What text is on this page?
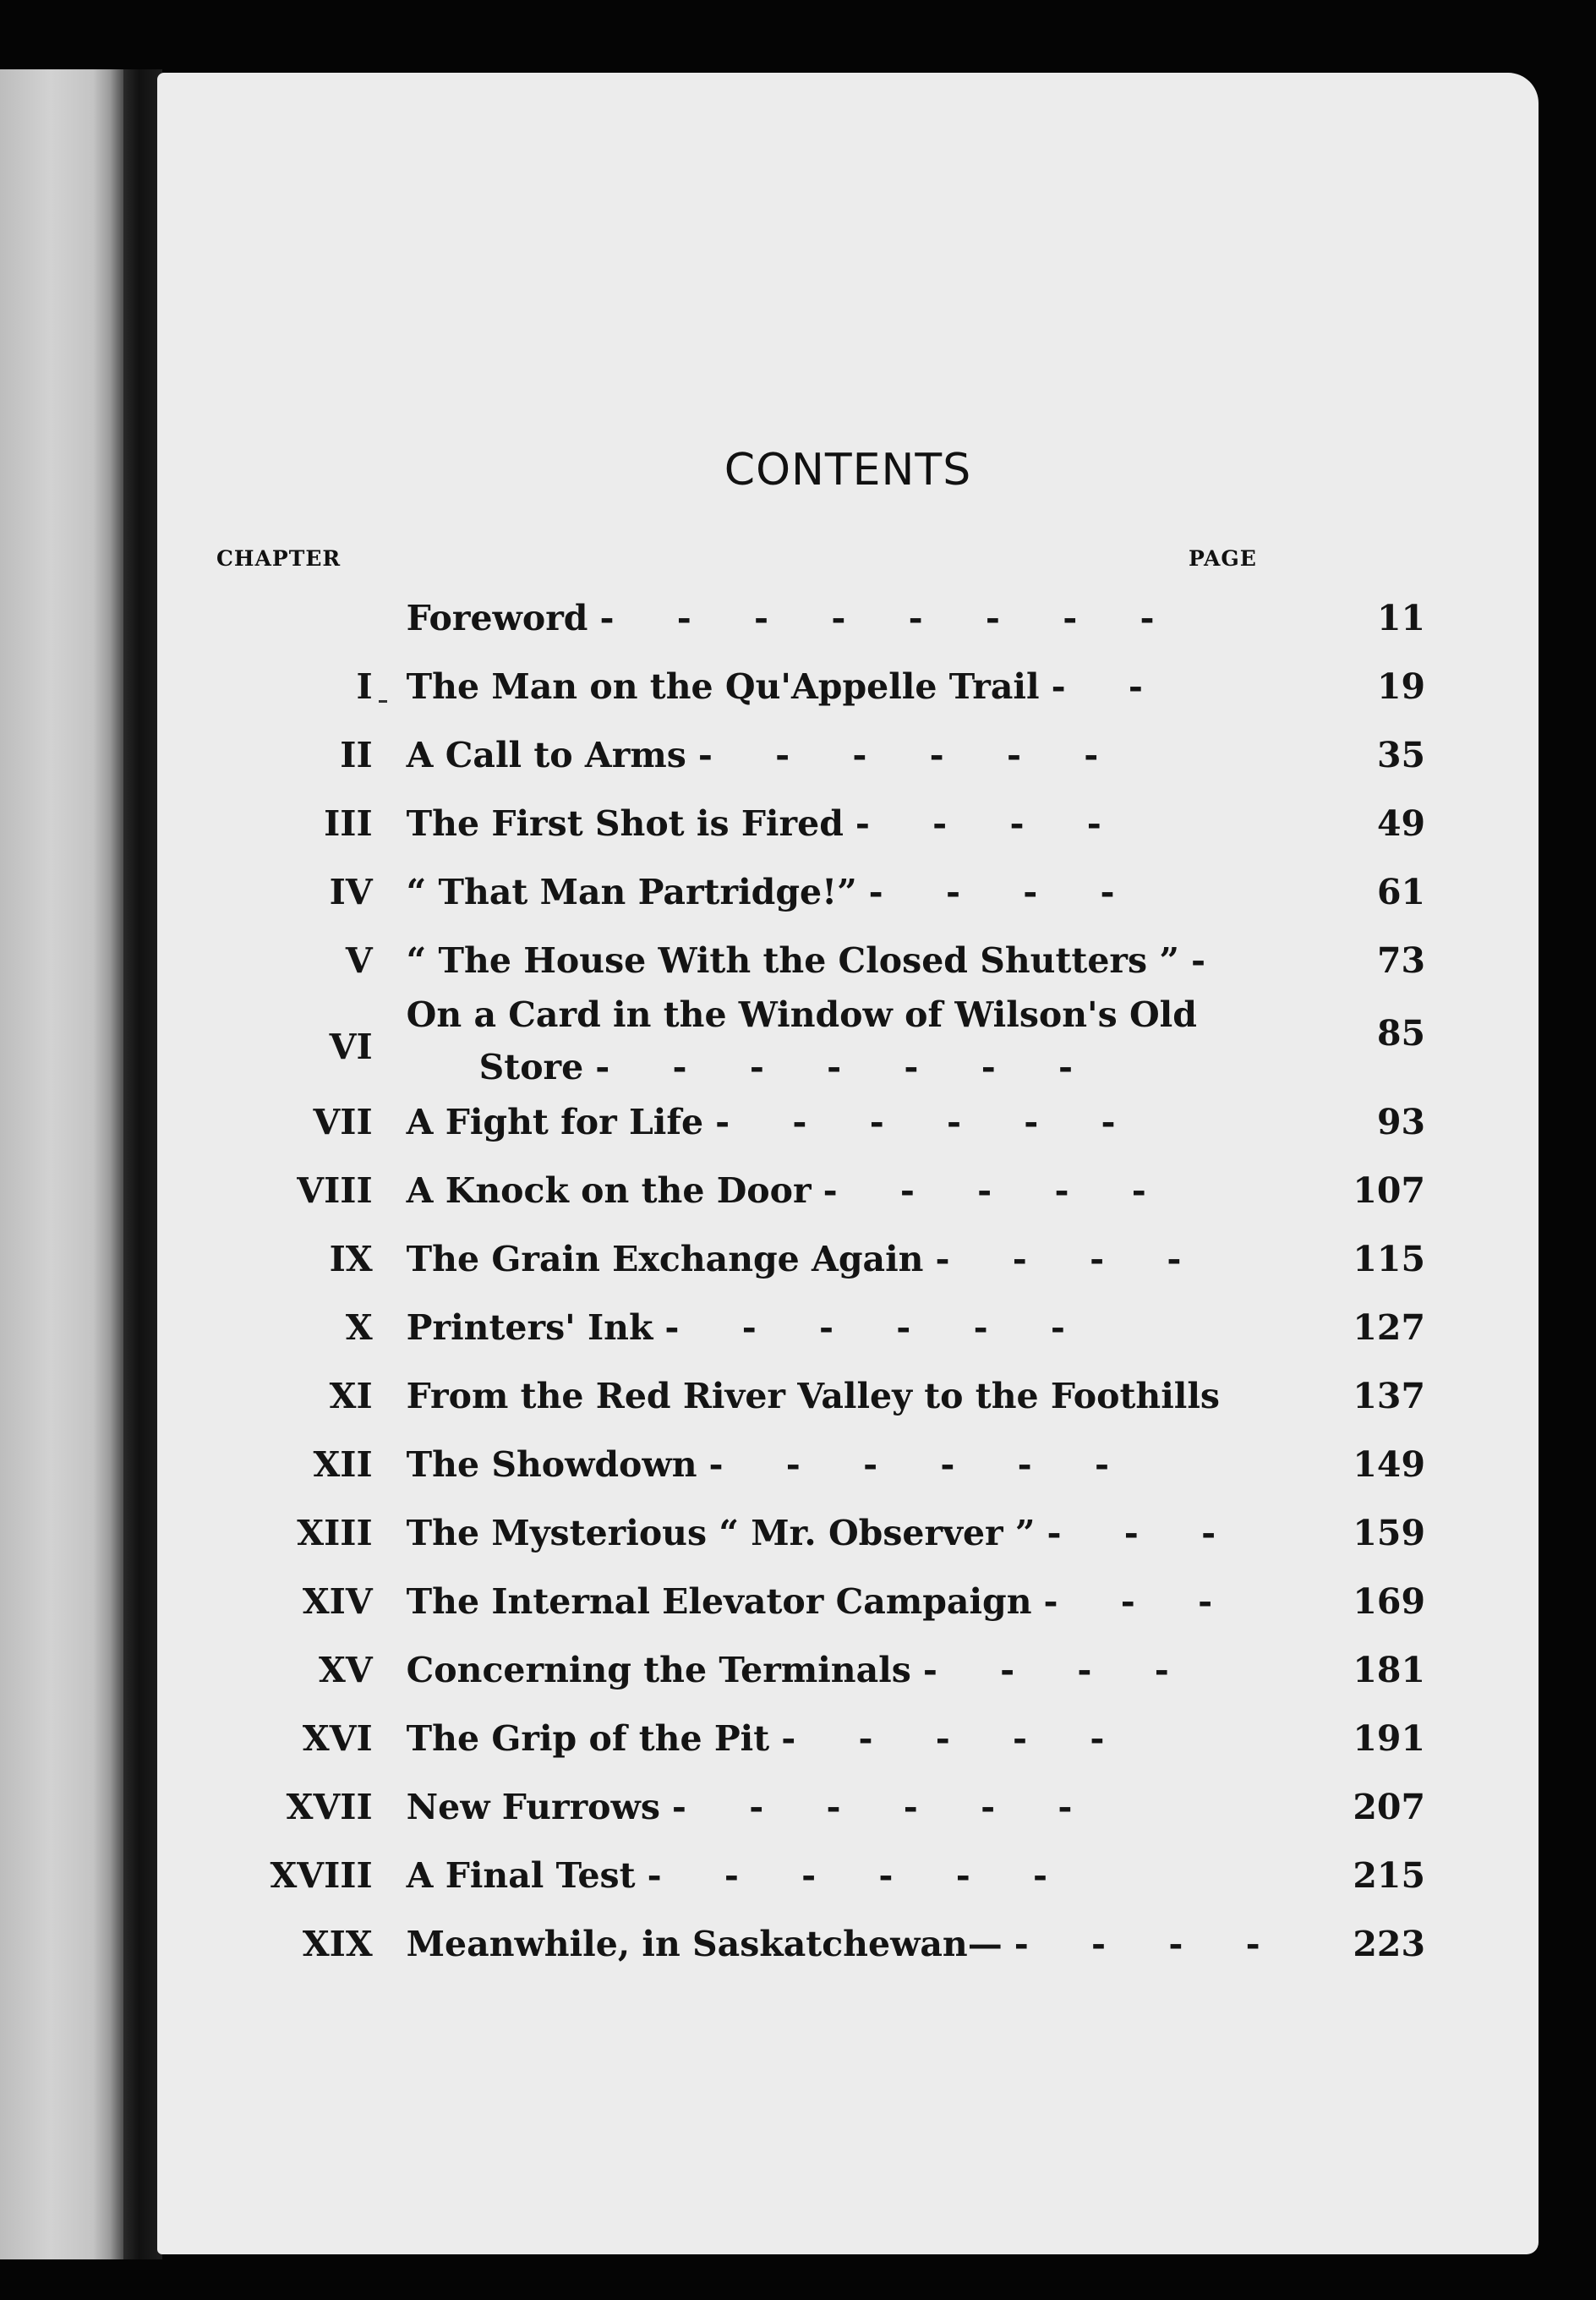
CONTENTS
CHAPTER	PAGE
	Foreword - - - - - - - -	11
I	The Man on the Qu'Appelle Trail - -	19
II	A Call to Arms - - - - - -	35
III	The First Shot is Fired - - - -	49
IV	“ That Man Partridge!” - - - -	61
V	“ The House With the Closed Shutters ” -	73
VI	On a Card in the Window of Wilson's Old
Store - - - - - - -	85
VII	A Fight for Life - - - - - -	93
VIII	A Knock on the Door - - - - -	107
IX	The Grain Exchange Again - - - -	115
X	Printers' Ink - - - - - -	127
XI	From the Red River Valley to the Foothills	137
XII	The Showdown - - - - - -	149
XIII	The Mysterious “ Mr. Observer ” - - -	159
XIV	The Internal Elevator Campaign - - -	169
XV	Concerning the Terminals - - - -	181
XVI	The Grip of the Pit - - - - -	191
XVII	New Furrows - - - - - -	207
XVIII	A Final Test - - - - - -	215
XIX	Meanwhile, in Saskatchewan— - - - -	223
